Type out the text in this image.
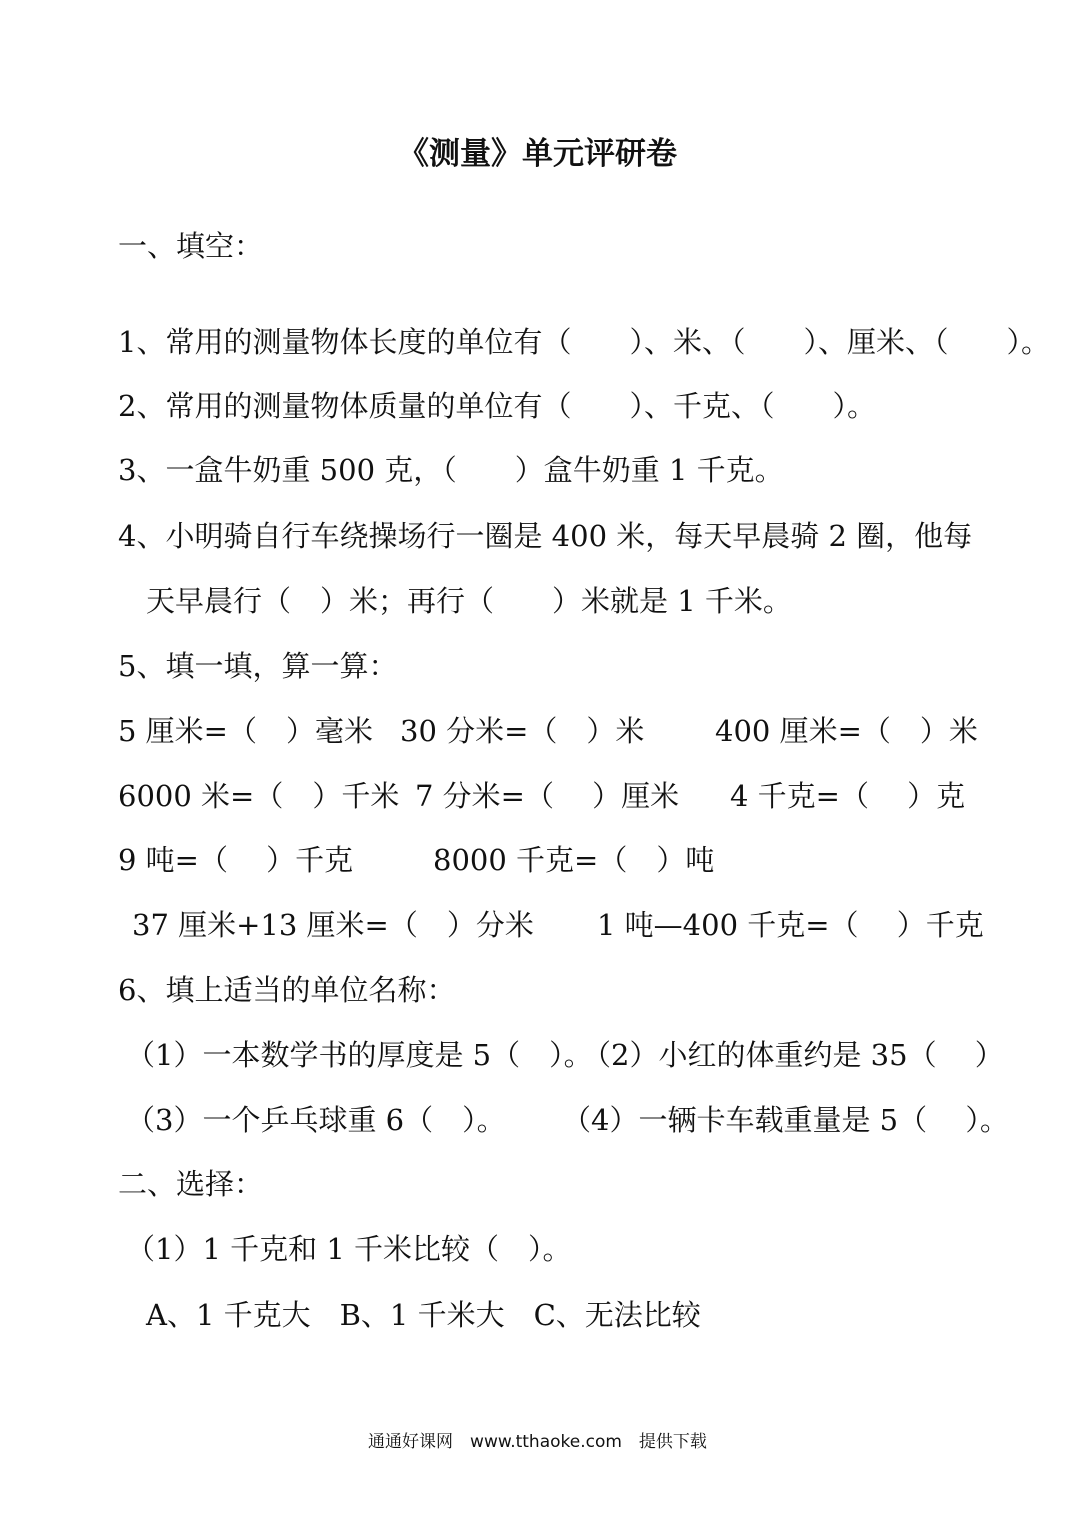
《测量》单元评研卷
一、填空：
1、常用的测量物体长度的单位有（　　）、米、（　　）、厘米、（　　）。
2、常用的测量物体质量的单位有（　　）、千克、（　　）。
3、一盒牛奶重 500 克，（　　）盒牛奶重 1 千克。
4、小明骑自行车绕操场行一圈是 400 米，每天早晨骑 2 圈，他每
天早晨行（　）米；再行（　　）米就是 1 千米。
5、填一填，算一算：
5 厘米=（　）毫米 30 分米=（　）米 400 厘米=（　）米
6000 米=（　）千米 7 分米=（　 ）厘米 4 千克=（　 ）克
9 吨=（　 ）千克	8000 千克=（　）吨
37 厘米+13 厘米=（　）分米 1 吨—400 千克=（　 ）千克
6、填上适当的单位名称：
（1）一本数学书的厚度是 5（　）。
（2）小红的体重约是 35（　 ）
（3）一个乒乓球重 6（　）。 （4）一辆卡车载重量是 5（　 ）。
二、选择：
（1）1 千克和 1 千米比较（　）。
A、1 千克大　B、1 千米大　C、无法比较
通通好课网　www.tthaoke.com　提供下载
